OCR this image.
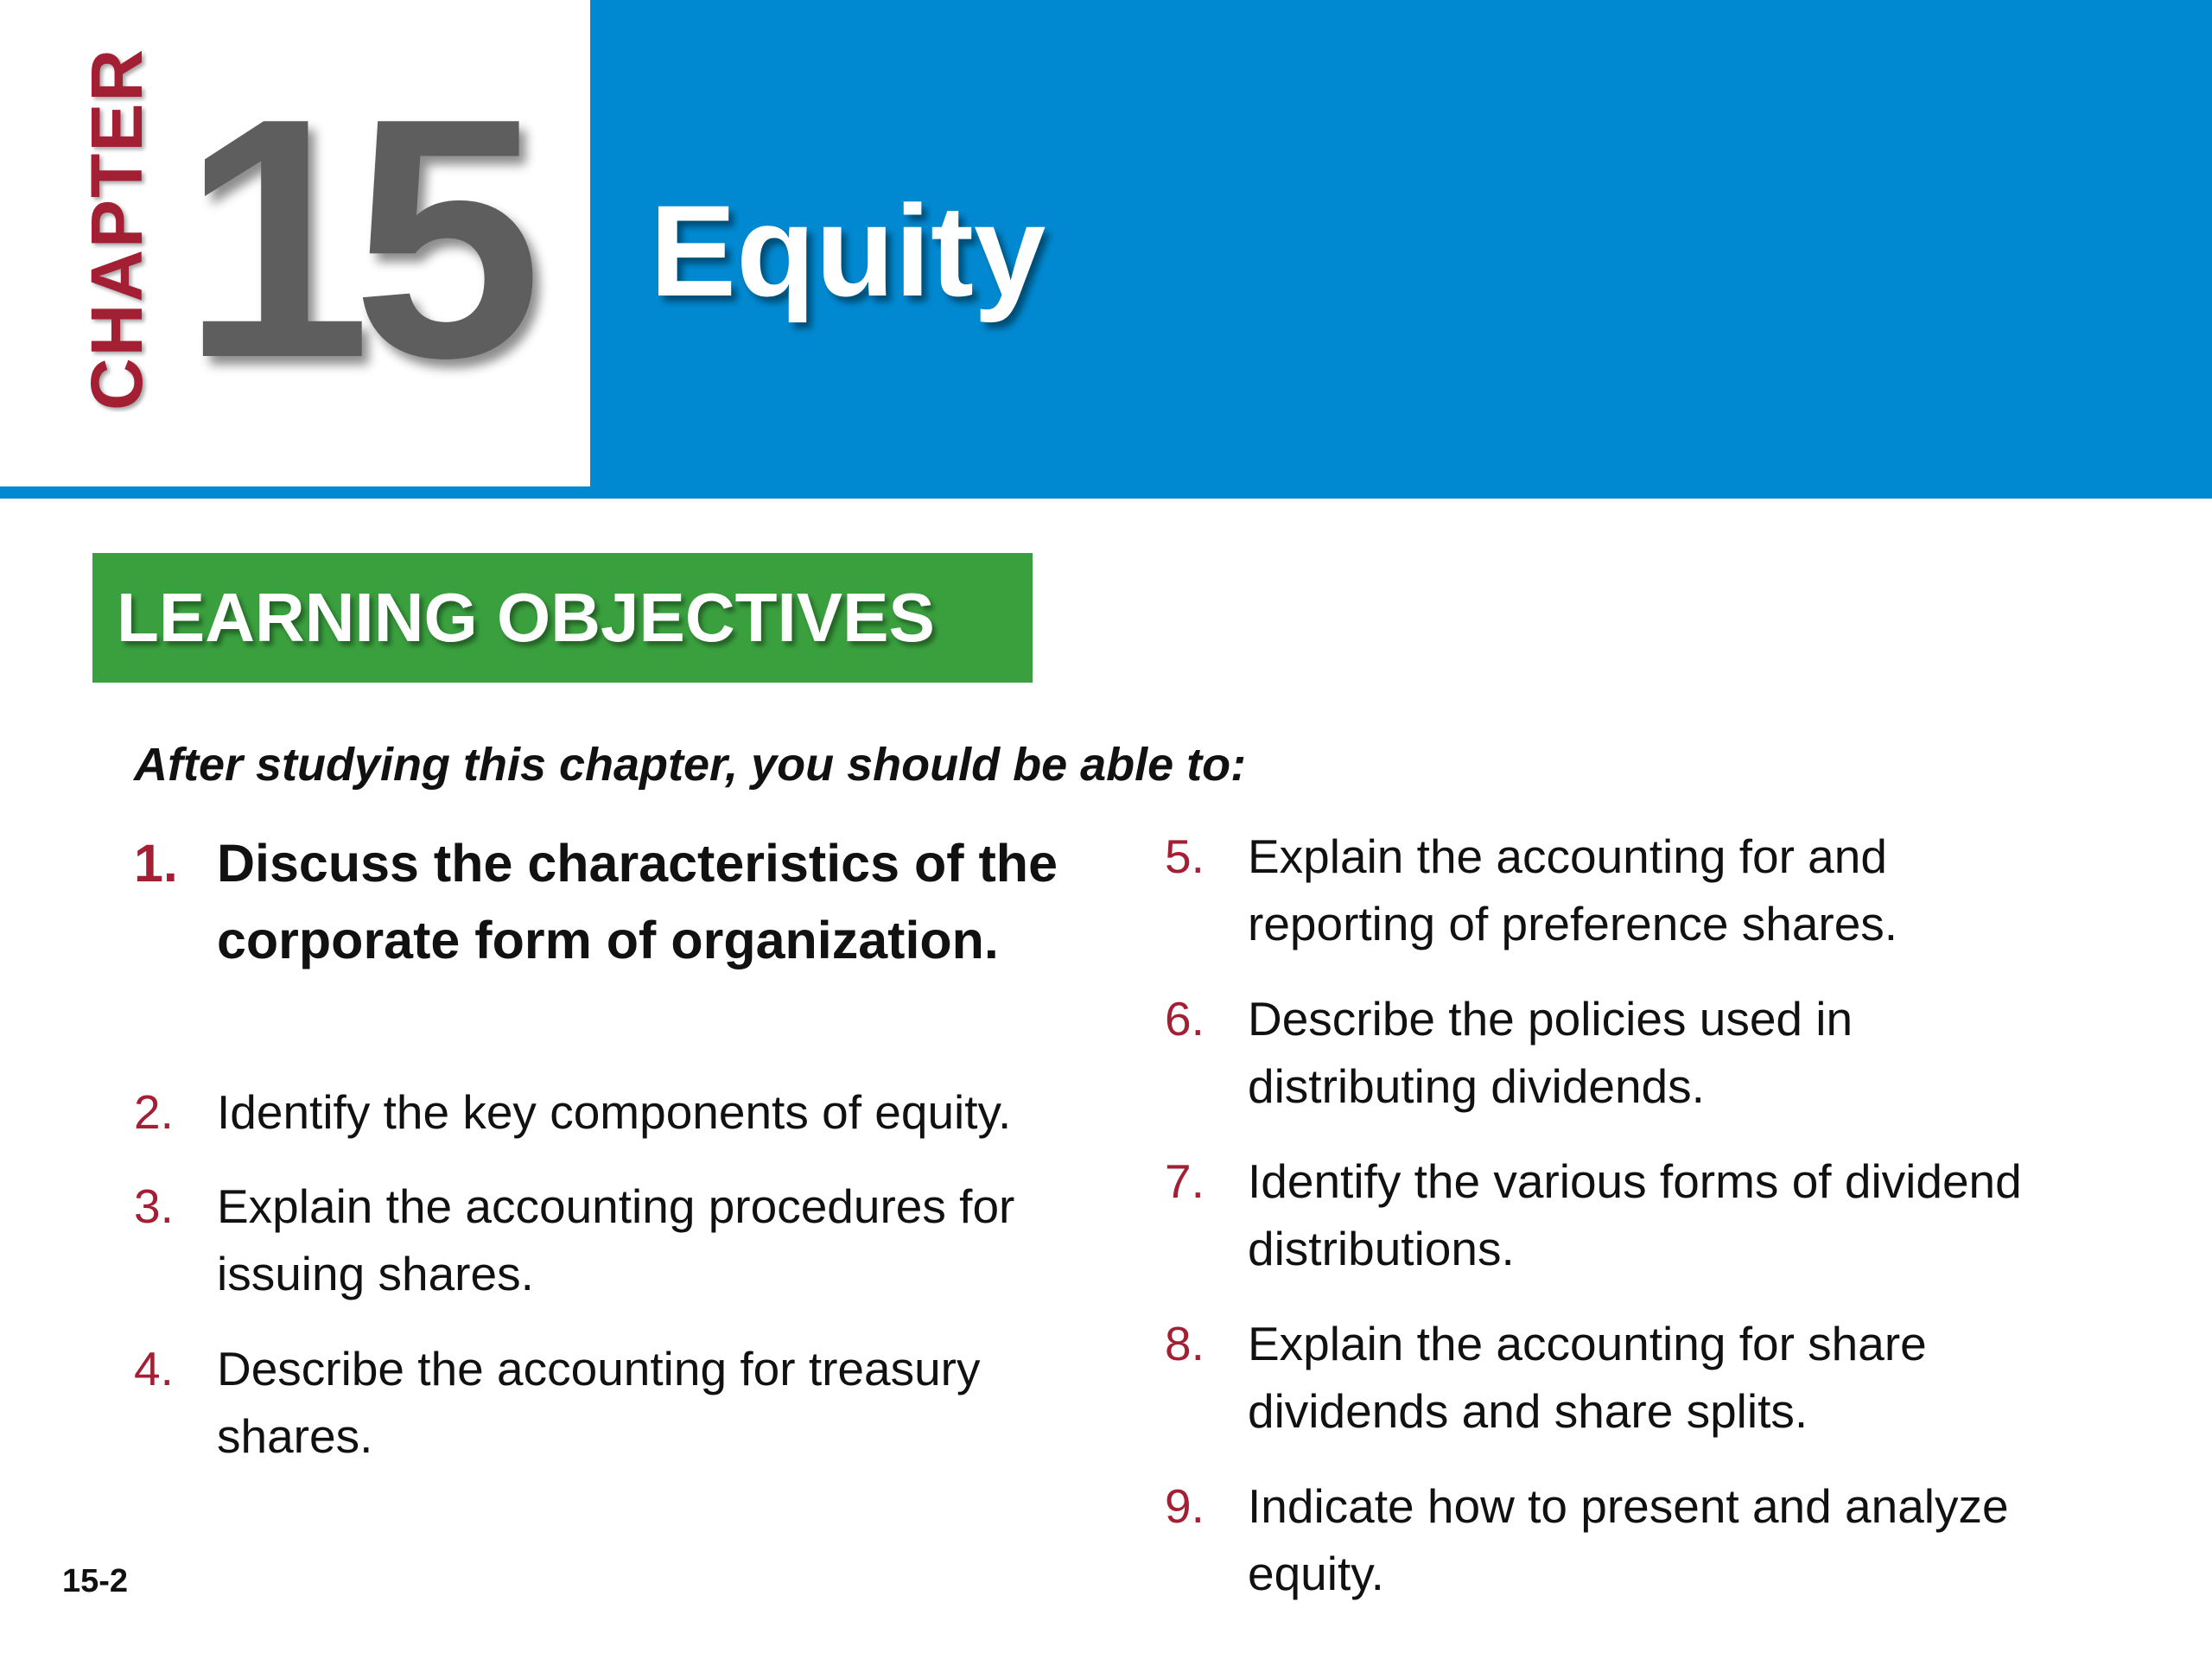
CHAPTER 15 Equity
LEARNING OBJECTIVES
After studying this chapter, you should be able to:
1. Discuss the characteristics of the corporate form of organization.
2. Identify the key components of equity.
3. Explain the accounting procedures for issuing shares.
4. Describe the accounting for treasury shares.
5. Explain the accounting for and reporting of preference shares.
6. Describe the policies used in distributing dividends.
7. Identify the various forms of dividend distributions.
8. Explain the accounting for share dividends and share splits.
9. Indicate how to present and analyze equity.
15-2
